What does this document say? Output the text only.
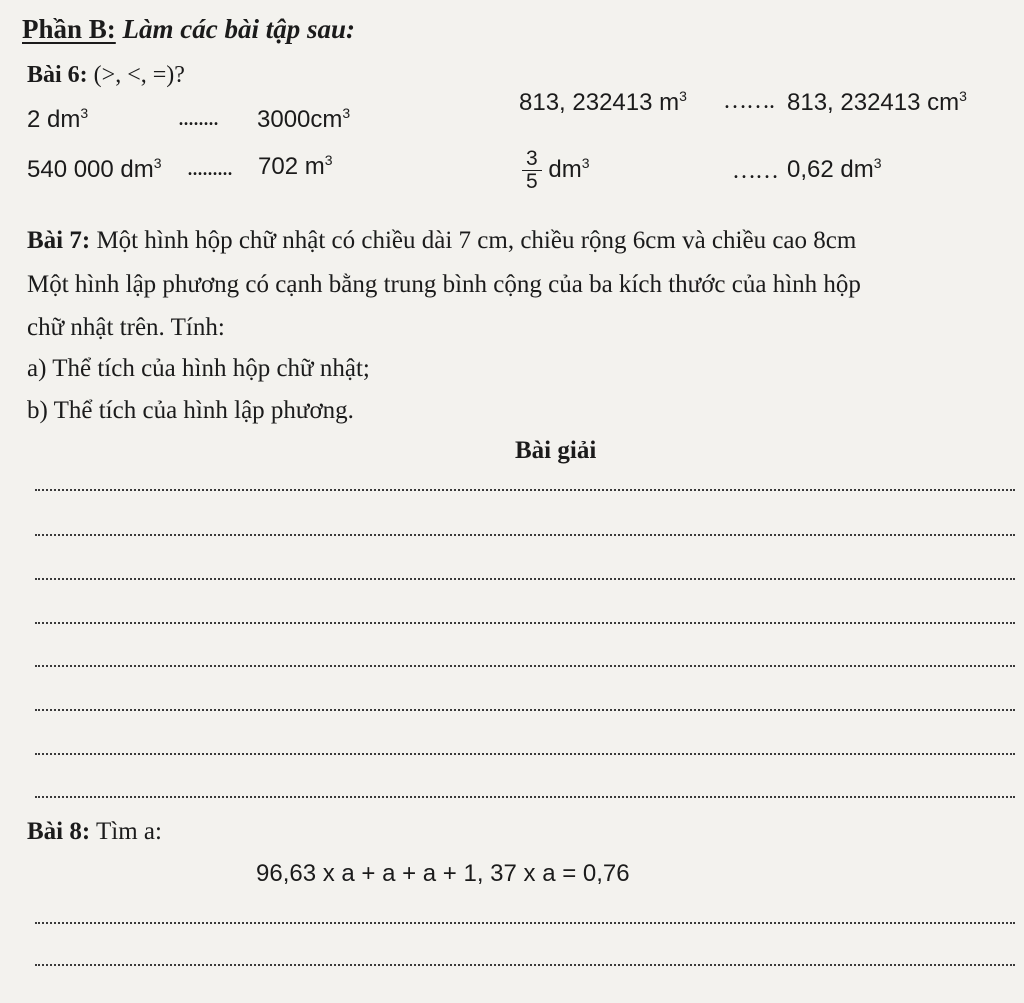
Phần B: Làm các bài tập sau:
Bài 6: (>, <, =)?
2 $dm^3$	........ $3000cm^3$	813, 232413 $m^3$ ……. 813, 232413 $cm^3$
540 000 $dm^3$ ......... 702 $m^3$	$\frac{3}{5} dm^3$	…… 0,62 $dm^3$
Bài 7: Một hình hộp chữ nhật có chiều dài 7 cm, chiều rộng 6cm và chiều cao 8cm
Một hình lập phương có cạnh bằng trung bình cộng của ba kích thước của hình hộp
chữ nhật trên. Tính:
a) Thể tích của hình hộp chữ nhật;
b) Thể tích của hình lập phương.
Bài giải
Bài 8: Tìm a:
96,63 x a + a + a + 1, 37 x a = 0,76
